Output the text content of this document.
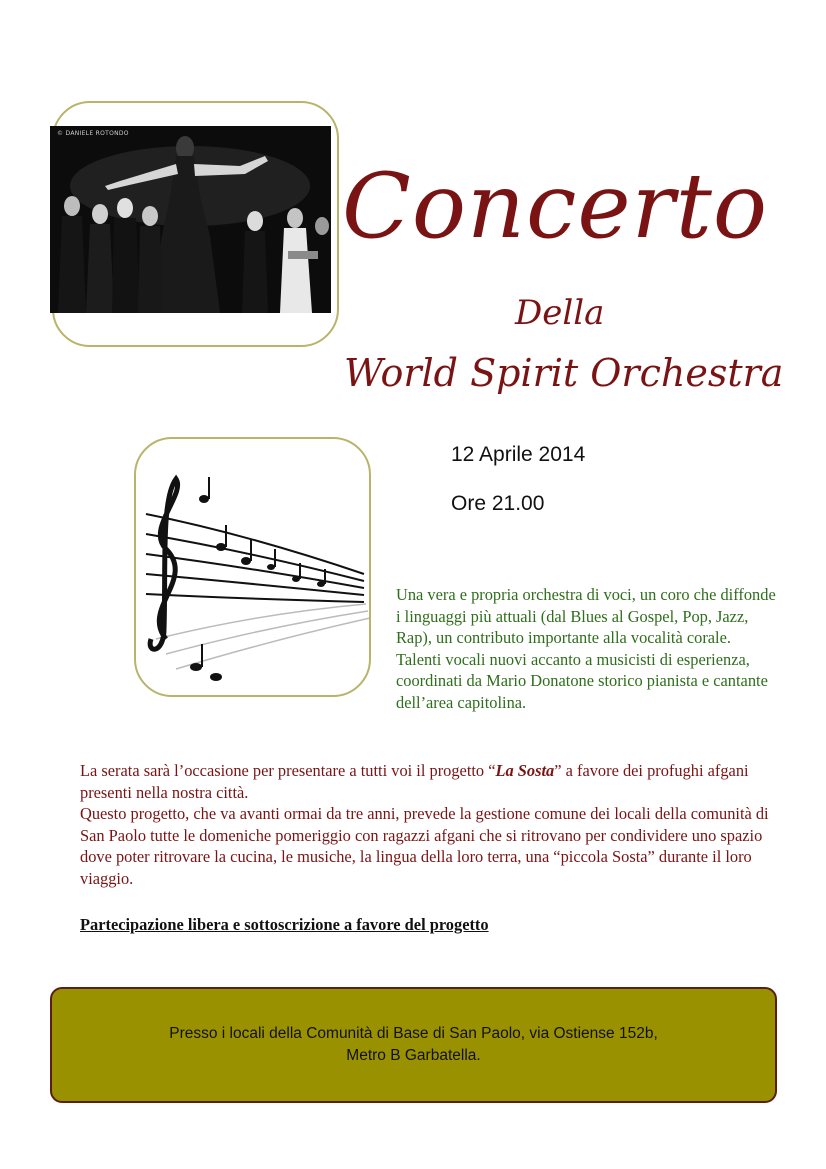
© DANIELE ROTONDO
Concerto
Della
World Spirit Orchestra
12 Aprile 2014
Ore 21.00
Una vera e propria orchestra di voci, un coro che diffonde i linguaggi più attuali (dal Blues al Gospel, Pop, Jazz, Rap), un contributo importante alla vocalità corale. Talenti vocali nuovi accanto a musicisti di esperienza, coordinati da Mario Donatone storico pianista e cantante dell’area capitolina.

La serata sarà l’occasione per presentare a tutti voi il progetto “La Sosta” a favore dei profughi afgani presenti nella nostra città.

Questo progetto, che va avanti ormai da tre anni, prevede la gestione comune dei locali della comunità di San Paolo tutte le domeniche pomeriggio con ragazzi afgani che si ritrovano per condividere uno spazio dove poter ritrovare la cucina, le musiche, la lingua della loro terra, una “piccola Sosta” durante il loro viaggio.

Partecipazione libera e sottoscrizione a favore del progetto
Presso i locali della Comunità di Base di San Paolo, via Ostiense 152b,
Metro B Garbatella.
